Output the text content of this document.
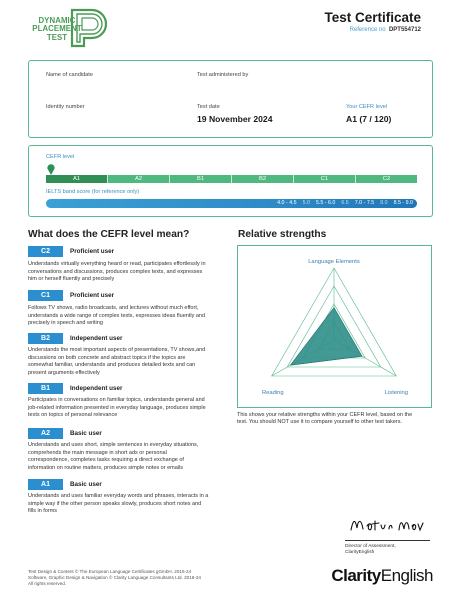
DYNAMIC
PLACEMENT
TEST
Test Certificate
Reference no DPT554712
Name of candidate	Test administered by
Identity number	Test date
19 November 2024
Your CEFR level
A1 (7 / 120)
CEFR level
A1	A2	B1	B2	C1	C2
IELTS band score (for reference only)
4.0 - 4.5 5.0 5.5 - 6.0 6.5 7.0 - 7.5 8.0 8.5 - 9.0
What does the CEFR level mean?
C2	Proficient user
Understands virtually everything heard or read, participates effortlessly in
conversations and discussions, produces complex texts, and expresses
him or herself fluently and precisely
C1	Proficient user
Follows TV shows, radio broadcasts, and lectures without much effort,
understands a wide range of complex texts, expresses ideas fluently and
precisely in speech and writing
B2	Independent user
Understands the most important aspects of presentations, TV shows,and
discussions on both concrete and abstract topics if the topics are
somewhat familiar, understands and produces detailed texts and can
present arguments effectively
B1	Independent user
Participates in conversations on familiar topics, understands general and
job-related information presented in everyday language, produces simple
texts on topics of personal relevance
A2	Basic user
Understands and uses short, simple sentences in everyday situations,
comprehends the main message in short ads or personal
correspondence, completes tasks requiring a direct exchange of
information on routine matters, produces simple notes or emails
A1	Basic user
Understands and uses familiar everyday words and phrases, interacts in a
simple way if the other person speaks slowly, produces short notes and
fills in forms
Relative strengths
Language Elements
Reading	Listening
This shows your relative strengths within your CEFR level, based on the
test. You should NOT use it to compare yourself to other test takers.
Director of Assessment,
ClarityEnglish
Test Design & Content © The European Language Certificates gGmbH. 2016-24
Software, Graphic Design & Navigation © Clarity Language Consultants Ltd. 2016-24
All rights reserved.	ClarityEnglish
